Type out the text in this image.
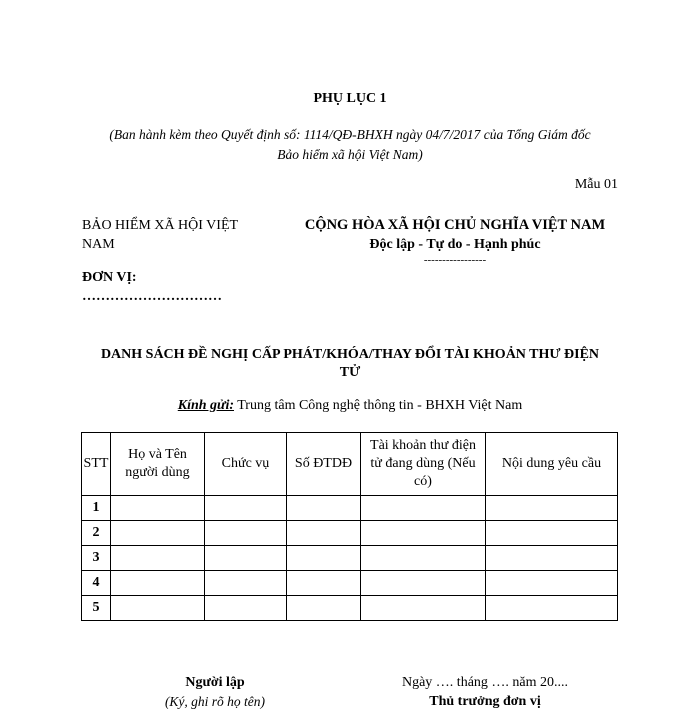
PHỤ LỤC 1
(Ban hành kèm theo Quyết định số: 1114/QĐ-BHXH ngày 04/7/2017 của Tổng Giám đốc
Bảo hiểm xã hội Việt Nam)
Mẫu 01
BẢO HIỂM XÃ HỘI VIỆT
NAM
ĐƠN VỊ:
…………………………
CỘNG HÒA XÃ HỘI CHỦ NGHĨA VIỆT NAM
Độc lập - Tự do - Hạnh phúc
-----------------
DANH SÁCH ĐỀ NGHỊ CẤP PHÁT/KHÓA/THAY ĐỔI TÀI KHOẢN THƯ ĐIỆN
TỬ
Kính gửi: Trung tâm Công nghệ thông tin - BHXH Việt Nam
STT	Họ và Tên người dùng	Chức vụ	Số ĐTDĐ	Tài khoản thư điện tử đang dùng (Nếu có)	Nội dung yêu cầu
1					
2					
3					
4					
5					
Người lập
(Ký, ghi rõ họ tên)
Ngày …. tháng …. năm 20....
Thủ trưởng đơn vị
